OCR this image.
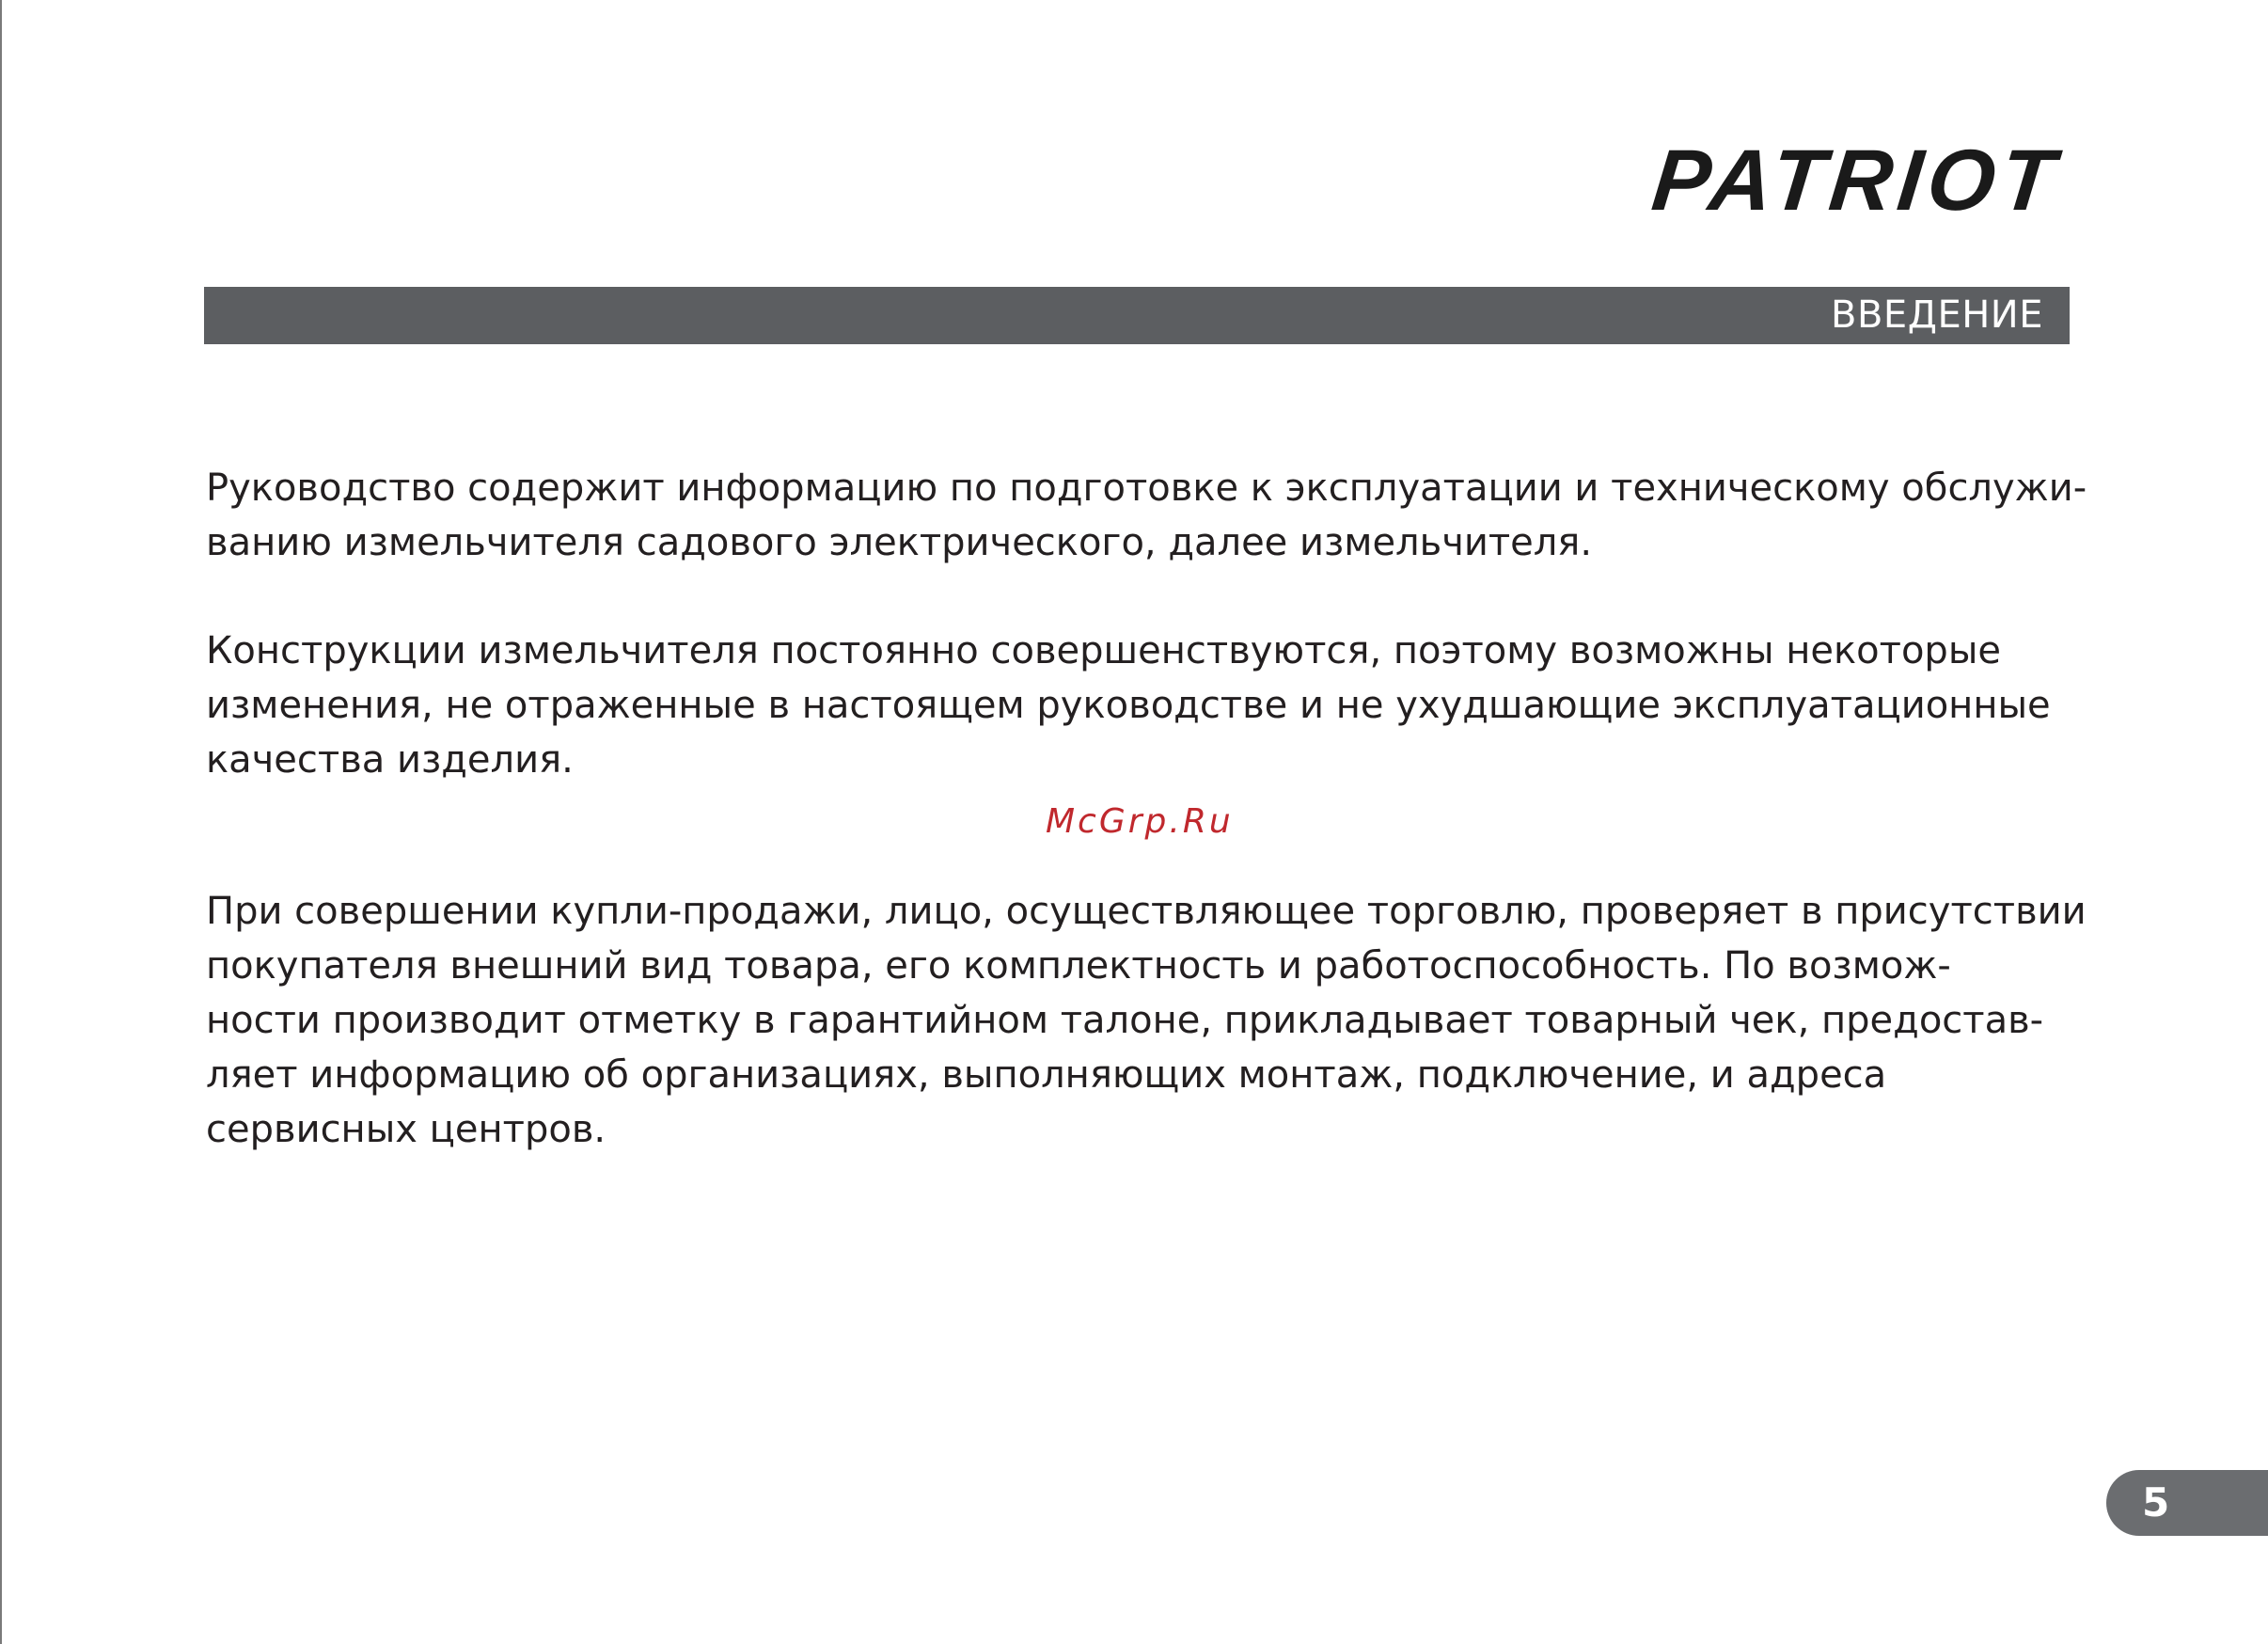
PATRIOT
ВВЕДЕНИЕ

Руководство содержит информацию по подготовке к эксплуатации и техническому обслужи-
ванию измельчителя садового электрического, далее измельчителя.

Конструкции измельчителя постоянно совершенствуются, поэтому возможны некоторые
изменения, не отраженные в настоящем руководстве и не ухудшающие эксплуатационные
качества изделия.

McGrp.Ru

При совершении купли-продажи, лицо, осуществляющее торговлю, проверяет в присутствии
покупателя внешний вид товара, его комплектность и работоспособность. По возмож-
ности производит отметку в гарантийном талоне, прикладывает товарный чек, предостав-
ляет информацию об организациях, выполняющих монтаж, подключение, и адреса
сервисных центров.

5
